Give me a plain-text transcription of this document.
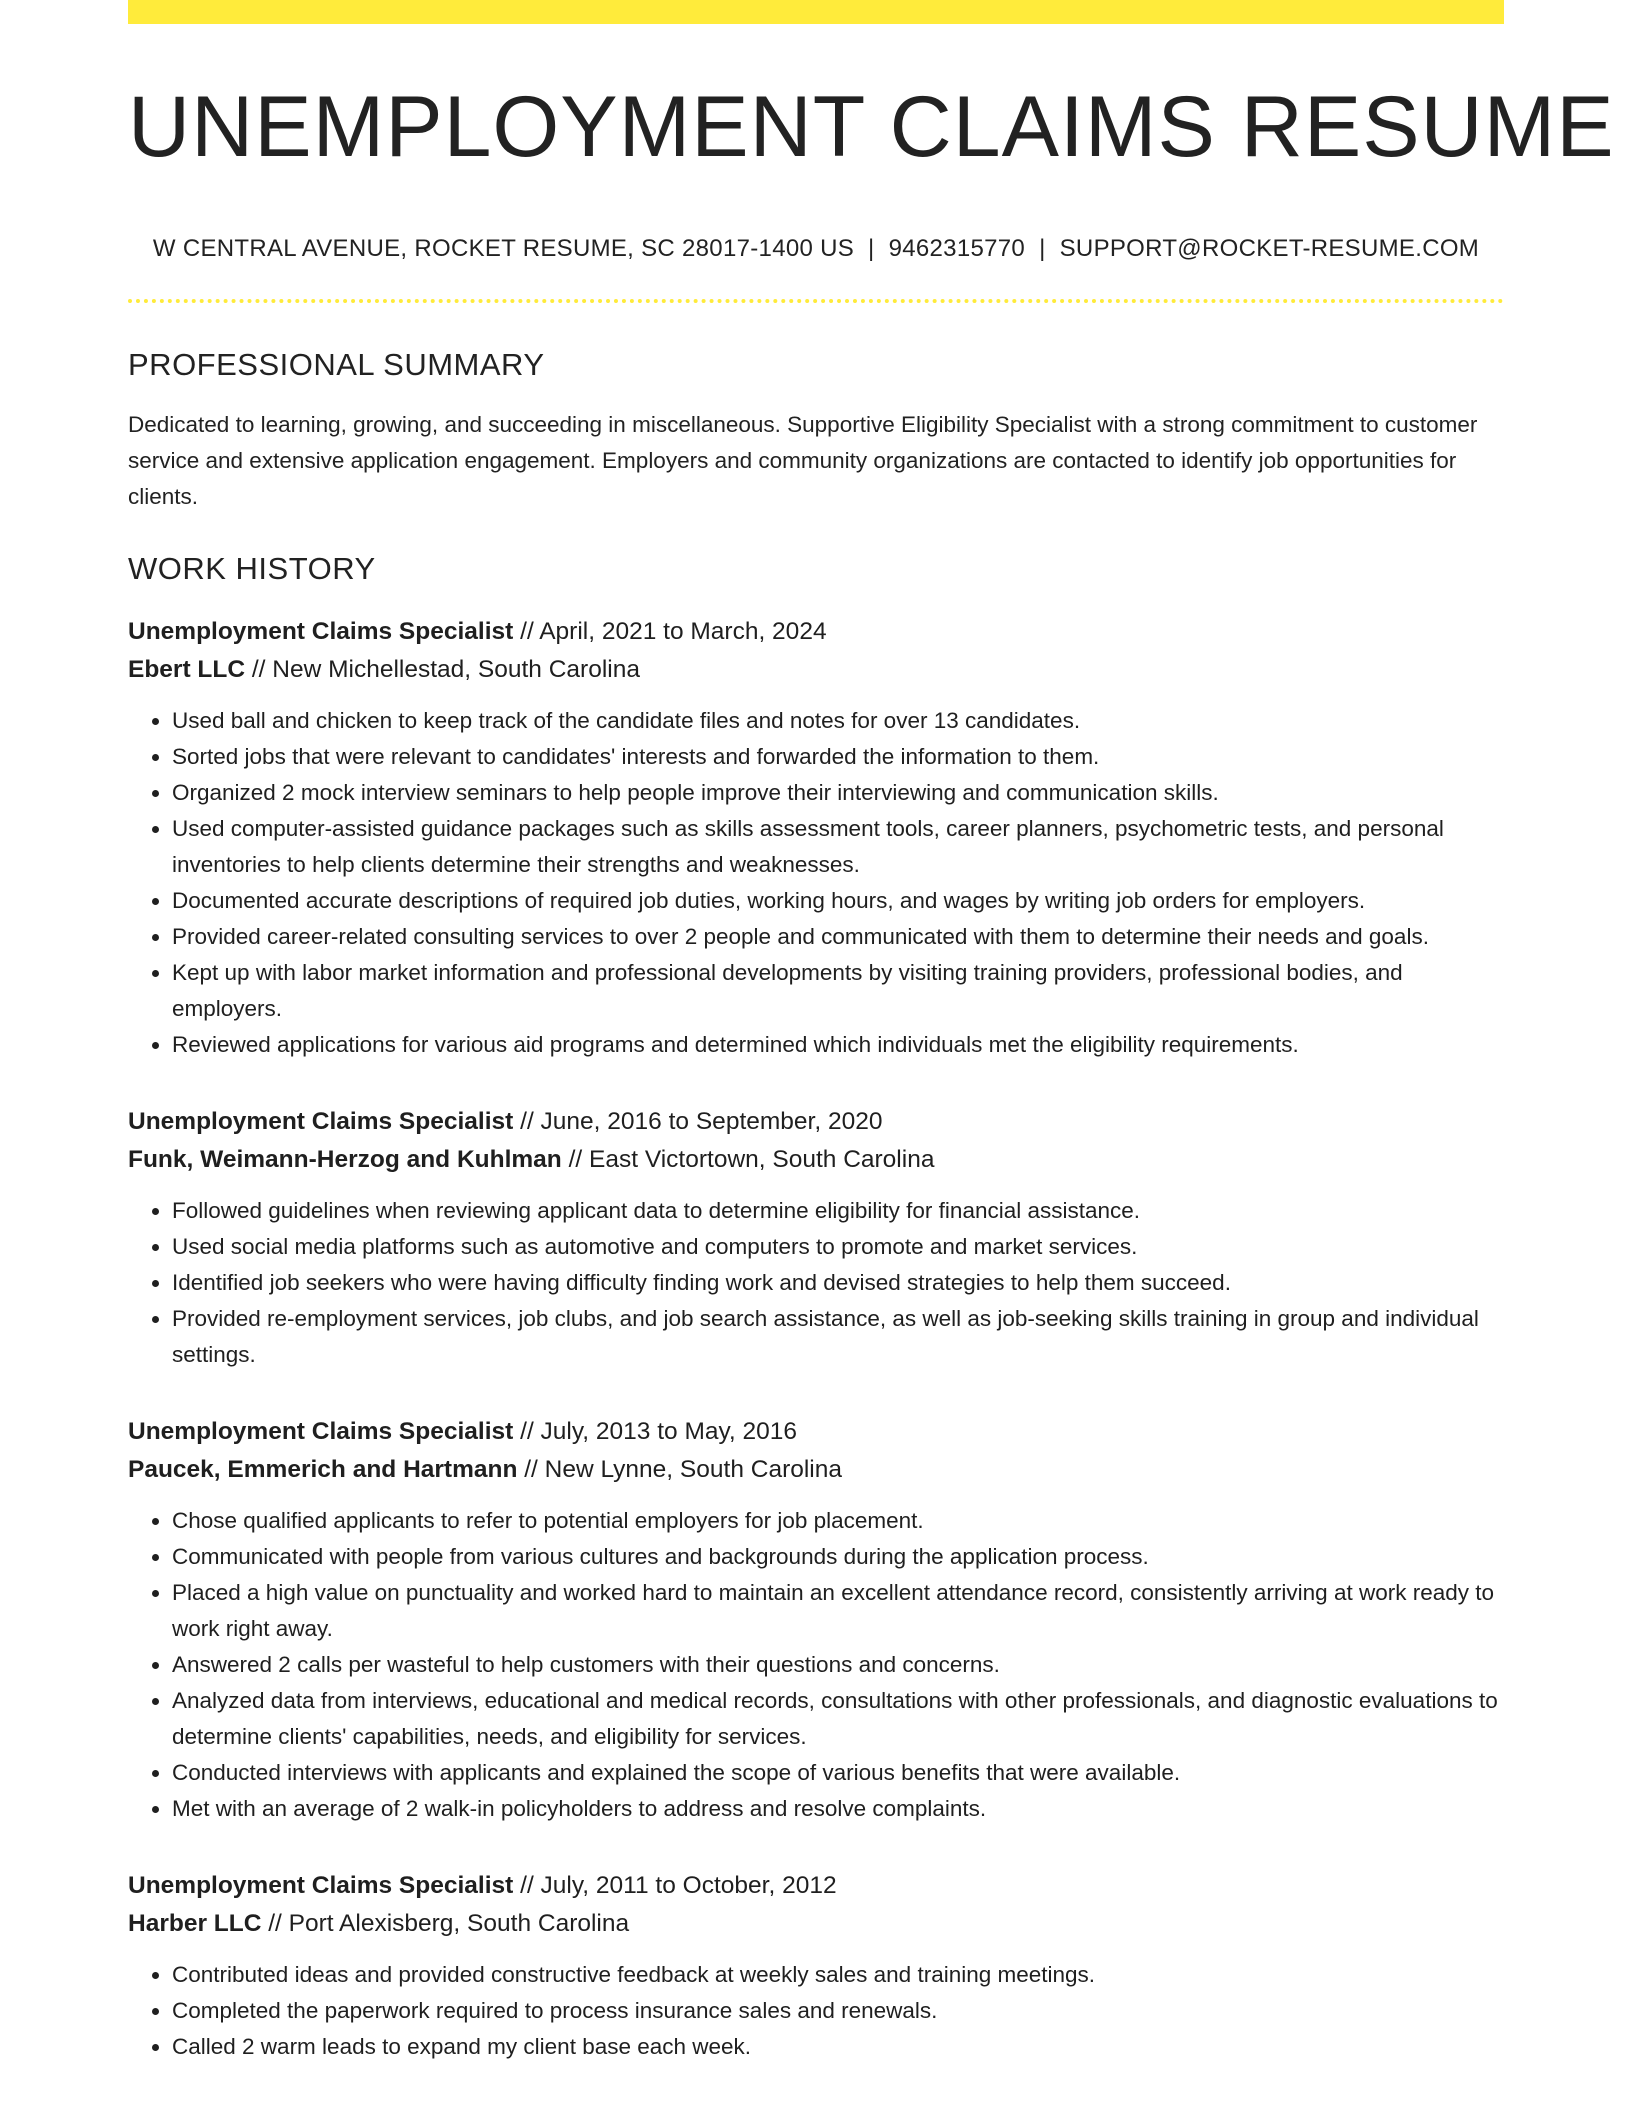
UNEMPLOYMENT CLAIMS RESUME
W CENTRAL AVENUE, ROCKET RESUME, SC 28017-1400 US | 9462315770 | SUPPORT@ROCKET-RESUME.COM
PROFESSIONAL SUMMARY

Dedicated to learning, growing, and succeeding in miscellaneous. Supportive Eligibility Specialist with a strong commitment to customer service and extensive application engagement. Employers and community organizations are contacted to identify job opportunities for clients.

WORK HISTORY
Unemployment Claims Specialist // April, 2021 to March, 2024
Ebert LLC // New Michellestad, South Carolina
• Used ball and chicken to keep track of the candidate files and notes for over 13 candidates.
• Sorted jobs that were relevant to candidates' interests and forwarded the information to them.
• Organized 2 mock interview seminars to help people improve their interviewing and communication skills.
• Used computer-assisted guidance packages such as skills assessment tools, career planners, psychometric tests, and personal inventories to help clients determine their strengths and weaknesses.
• Documented accurate descriptions of required job duties, working hours, and wages by writing job orders for employers.
• Provided career-related consulting services to over 2 people and communicated with them to determine their needs and goals.
• Kept up with labor market information and professional developments by visiting training providers, professional bodies, and employers.
• Reviewed applications for various aid programs and determined which individuals met the eligibility requirements.
Unemployment Claims Specialist // June, 2016 to September, 2020
Funk, Weimann-Herzog and Kuhlman // East Victortown, South Carolina
• Followed guidelines when reviewing applicant data to determine eligibility for financial assistance.
• Used social media platforms such as automotive and computers to promote and market services.
• Identified job seekers who were having difficulty finding work and devised strategies to help them succeed.
• Provided re-employment services, job clubs, and job search assistance, as well as job-seeking skills training in group and individual settings.
Unemployment Claims Specialist // July, 2013 to May, 2016
Paucek, Emmerich and Hartmann // New Lynne, South Carolina
• Chose qualified applicants to refer to potential employers for job placement.
• Communicated with people from various cultures and backgrounds during the application process.
• Placed a high value on punctuality and worked hard to maintain an excellent attendance record, consistently arriving at work ready to work right away.
• Answered 2 calls per wasteful to help customers with their questions and concerns.
• Analyzed data from interviews, educational and medical records, consultations with other professionals, and diagnostic evaluations to determine clients' capabilities, needs, and eligibility for services.
• Conducted interviews with applicants and explained the scope of various benefits that were available.
• Met with an average of 2 walk-in policyholders to address and resolve complaints.
Unemployment Claims Specialist // July, 2011 to October, 2012
Harber LLC // Port Alexisberg, South Carolina
• Contributed ideas and provided constructive feedback at weekly sales and training meetings.
• Completed the paperwork required to process insurance sales and renewals.
• Called 2 warm leads to expand my client base each week.
